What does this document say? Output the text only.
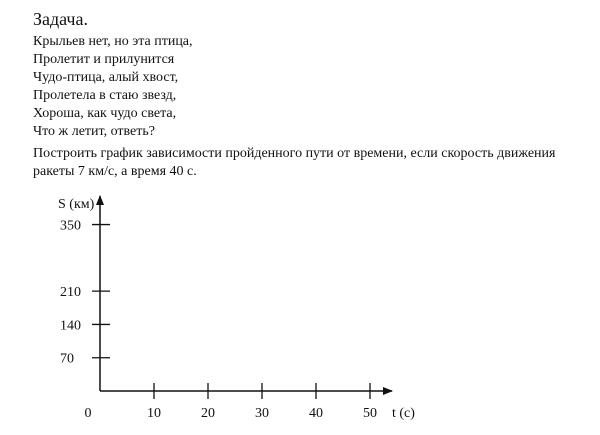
Задача.
Крыльев нет, но эта птица,
Пролетит и прилунится
Чудо-птица, алый хвост,
Пролетела в стаю звезд,
Хороша, как чудо света,
Что ж летит, ответь?

Построить график зависимости пройденного пути от времени, если скорость движения
ракеты 7 км/с, а время 40 с.

10	20	30	40	50
70
140
210
350
0	t (с)
S (км)
